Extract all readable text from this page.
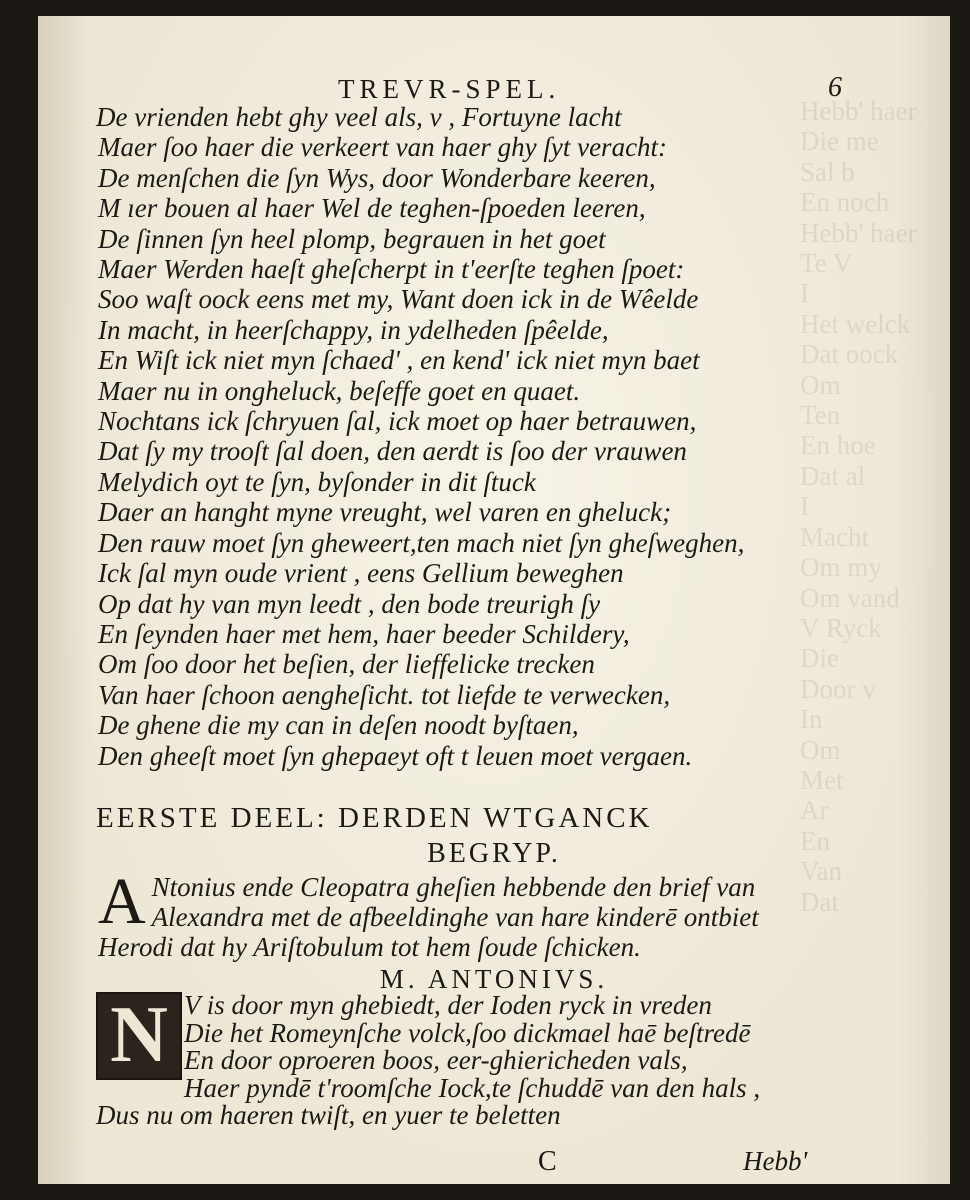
Hebb' haer
Die me
Sal b
En noch
Hebb' haer
Te V
I
Het welck
Dat oock
Om
Ten
En hoe
Dat al
I
Macht
Om my
Om vand
V Ryck
Die
Door v
In
Om
Met
Ar
En
Van
Dat
TREVR-SPEL.	6
De vrienden hebt ghy veel als, v , Fortuyne lacht
Maer ſoo haer die verkeert van haer ghy ſyt veracht:
De menſchen die ſyn Wys, door Wonderbare keeren,
M ıer bouen al haer Wel de teghen-ſpoeden leeren,
De ſinnen ſyn heel plomp, begrauen in het goet
Maer Werden haeſt gheſcherpt in t'eerſte teghen ſpoet:
Soo waſt oock eens met my, Want doen ick in de Wêelde
In macht, in heerſchappy, in ydelheden ſpêelde,
En Wiſt ick niet myn ſchaed' , en kend' ick niet myn baet
Maer nu in ongheluck, beſeffe goet en quaet.
Nochtans ick ſchryuen ſal, ick moet op haer betrauwen,
Dat ſy my trooſt ſal doen, den aerdt is ſoo der vrauwen
Melydich oyt te ſyn, byſonder in dit ſtuck
Daer an hanght myne vreught, wel varen en gheluck;
Den rauw moet ſyn gheweert,ten mach niet ſyn gheſweghen,
Ick ſal myn oude vrient , eens Gellium beweghen
Op dat hy van myn leedt , den bode treurigh ſy
En ſeynden haer met hem, haer beeder Schildery,
Om ſoo door het beſien, der lieffelicke trecken
Van haer ſchoon aengheſicht. tot liefde te verwecken,
De ghene die my can in deſen noodt byſtaen,
Den gheeſt moet ſyn ghepaeyt oft t leuen moet vergaen.
EERSTE DEEL: DERDEN WTGANCK
BEGRYP.
A Ntonius ende Cleopatra gheſien hebbende den brief van
Alexandra met de afbeeldinghe van hare kinderē ontbiet
Herodi dat hy Ariſtobulum tot hem ſoude ſchicken.
M. ANTONIVS.
N V is door myn ghebiedt, der Ioden ryck in vreden
Die het Romeynſche volck,ſoo dickmael haē beſtredē
En door oproeren boos, eer-ghiericheden vals,
Haer pyndē t'roomſche Iock,te ſchuddē van den hals ,
Dus nu om haeren twiſt, en yuer te beletten
C	Hebb'
